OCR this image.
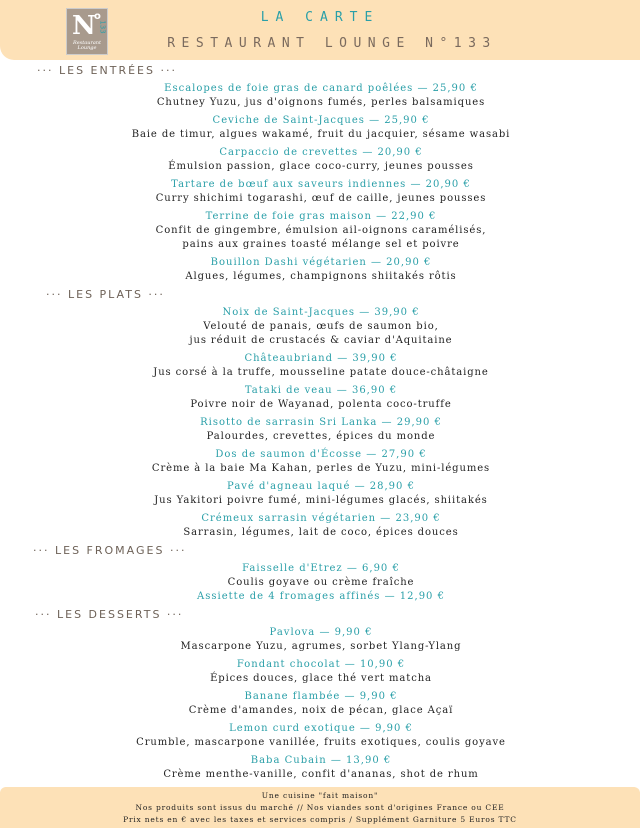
N
o
133
Restaurant Lounge
LA CARTE
RESTAURANT LOUNGE N°133
··· LES ENTRÉES ···
Escalopes de foie gras de canard poêlées — 25,90 €
Chutney Yuzu, jus d'oignons fumés, perles balsamiques
Ceviche de Saint-Jacques — 25,90 €
Baie de timur, algues wakamé, fruit du jacquier, sésame wasabi
Carpaccio de crevettes — 20,90 €
Émulsion passion, glace coco-curry, jeunes pousses
Tartare de bœuf aux saveurs indiennes — 20,90 €
Curry shichimi togarashi, œuf de caille, jeunes pousses
Terrine de foie gras maison — 22,90 €
Confit de gingembre, émulsion ail-oignons caramélisés,
pains aux graines toasté mélange sel et poivre
Bouillon Dashi végétarien — 20,90 €
Algues, légumes, champignons shiitakés rôtis
··· LES PLATS ···
Noix de Saint-Jacques — 39,90 €
Velouté de panais, œufs de saumon bio,
jus réduit de crustacés & caviar d'Aquitaine
Châteaubriand — 39,90 €
Jus corsé à la truffe, mousseline patate douce-châtaigne
Tataki de veau — 36,90 €
Poivre noir de Wayanad, polenta coco-truffe
Risotto de sarrasin Sri Lanka — 29,90 €
Palourdes, crevettes, épices du monde
Dos de saumon d'Écosse — 27,90 €
Crème à la baie Ma Kahan, perles de Yuzu, mini-légumes
Pavé d'agneau laqué — 28,90 €
Jus Yakitori poivre fumé, mini-légumes glacés, shiitakés
Crémeux sarrasin végétarien — 23,90 €
Sarrasin, légumes, lait de coco, épices douces
··· LES FROMAGES ···
Faisselle d'Etrez — 6,90 €
Coulis goyave ou crème fraîche
Assiette de 4 fromages affinés — 12,90 €
··· LES DESSERTS ···
Pavlova — 9,90 €
Mascarpone Yuzu, agrumes, sorbet Ylang-Ylang
Fondant chocolat — 10,90 €
Épices douces, glace thé vert matcha
Banane flambée — 9,90 €
Crème d'amandes, noix de pécan, glace Açaï
Lemon curd exotique — 9,90 €
Crumble, mascarpone vanillée, fruits exotiques, coulis goyave
Baba Cubain — 13,90 €
Crème menthe-vanille, confit d'ananas, shot de rhum
Une cuisine "fait maison"
Nos produits sont issus du marché // Nos viandes sont d'origines France ou CEE
Prix nets en € avec les taxes et services compris / Supplément Garniture 5 Euros TTC
